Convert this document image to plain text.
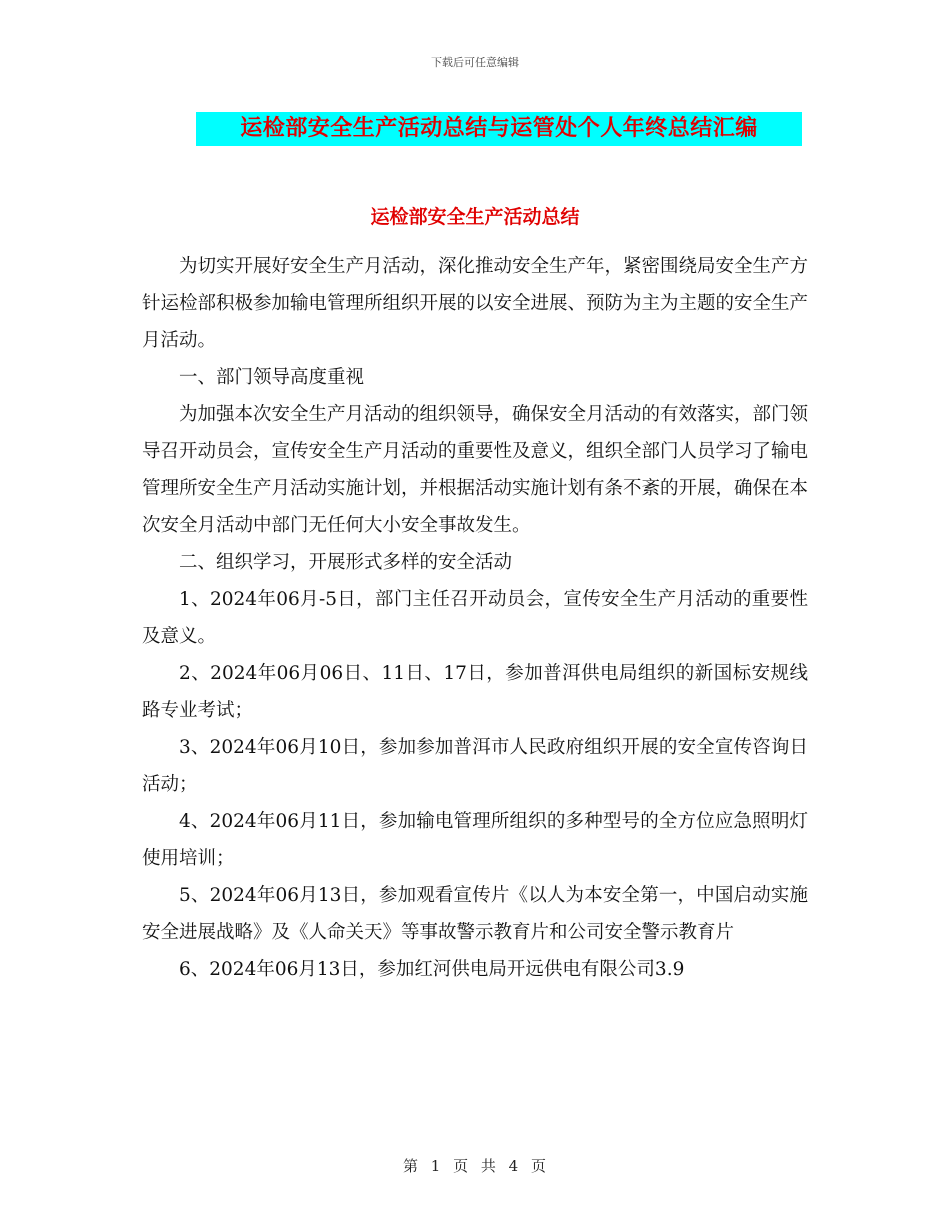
下载后可任意编辑
运检部安全生产活动总结与运管处个人年终总结汇编
运检部安全生产活动总结

为切实开展好安全生产月活动，深化推动安全生产年，紧密围绕局安全生产方针运检部积极参加输电管理所组织开展的以安全进展、预防为主为主题的安全生产月活动。

一、部门领导高度重视

为加强本次安全生产月活动的组织领导，确保安全月活动的有效落实，部门领导召开动员会，宣传安全生产月活动的重要性及意义，组织全部门人员学习了输电管理所安全生产月活动实施计划，并根据活动实施计划有条不紊的开展，确保在本次安全月活动中部门无任何大小安全事故发生。

二、组织学习，开展形式多样的安全活动

1、2024年06月-5日，部门主任召开动员会，宣传安全生产月活动的重要性及意义。

2、2024年06月06日、11日、17日，参加普洱供电局组织的新国标安规线路专业考试；

3、2024年06月10日，参加参加普洱市人民政府组织开展的安全宣传咨询日活动；

4、2024年06月11日，参加输电管理所组织的多种型号的全方位应急照明灯使用培训；

5、2024年06月13日，参加观看宣传片《以人为本安全第一，中国启动实施安全进展战略》及《人命关天》等事故警示教育片和公司安全警示教育片

6、2024年06月13日，参加红河供电局开远供电有限公司3.9

第 1 页 共 4 页
